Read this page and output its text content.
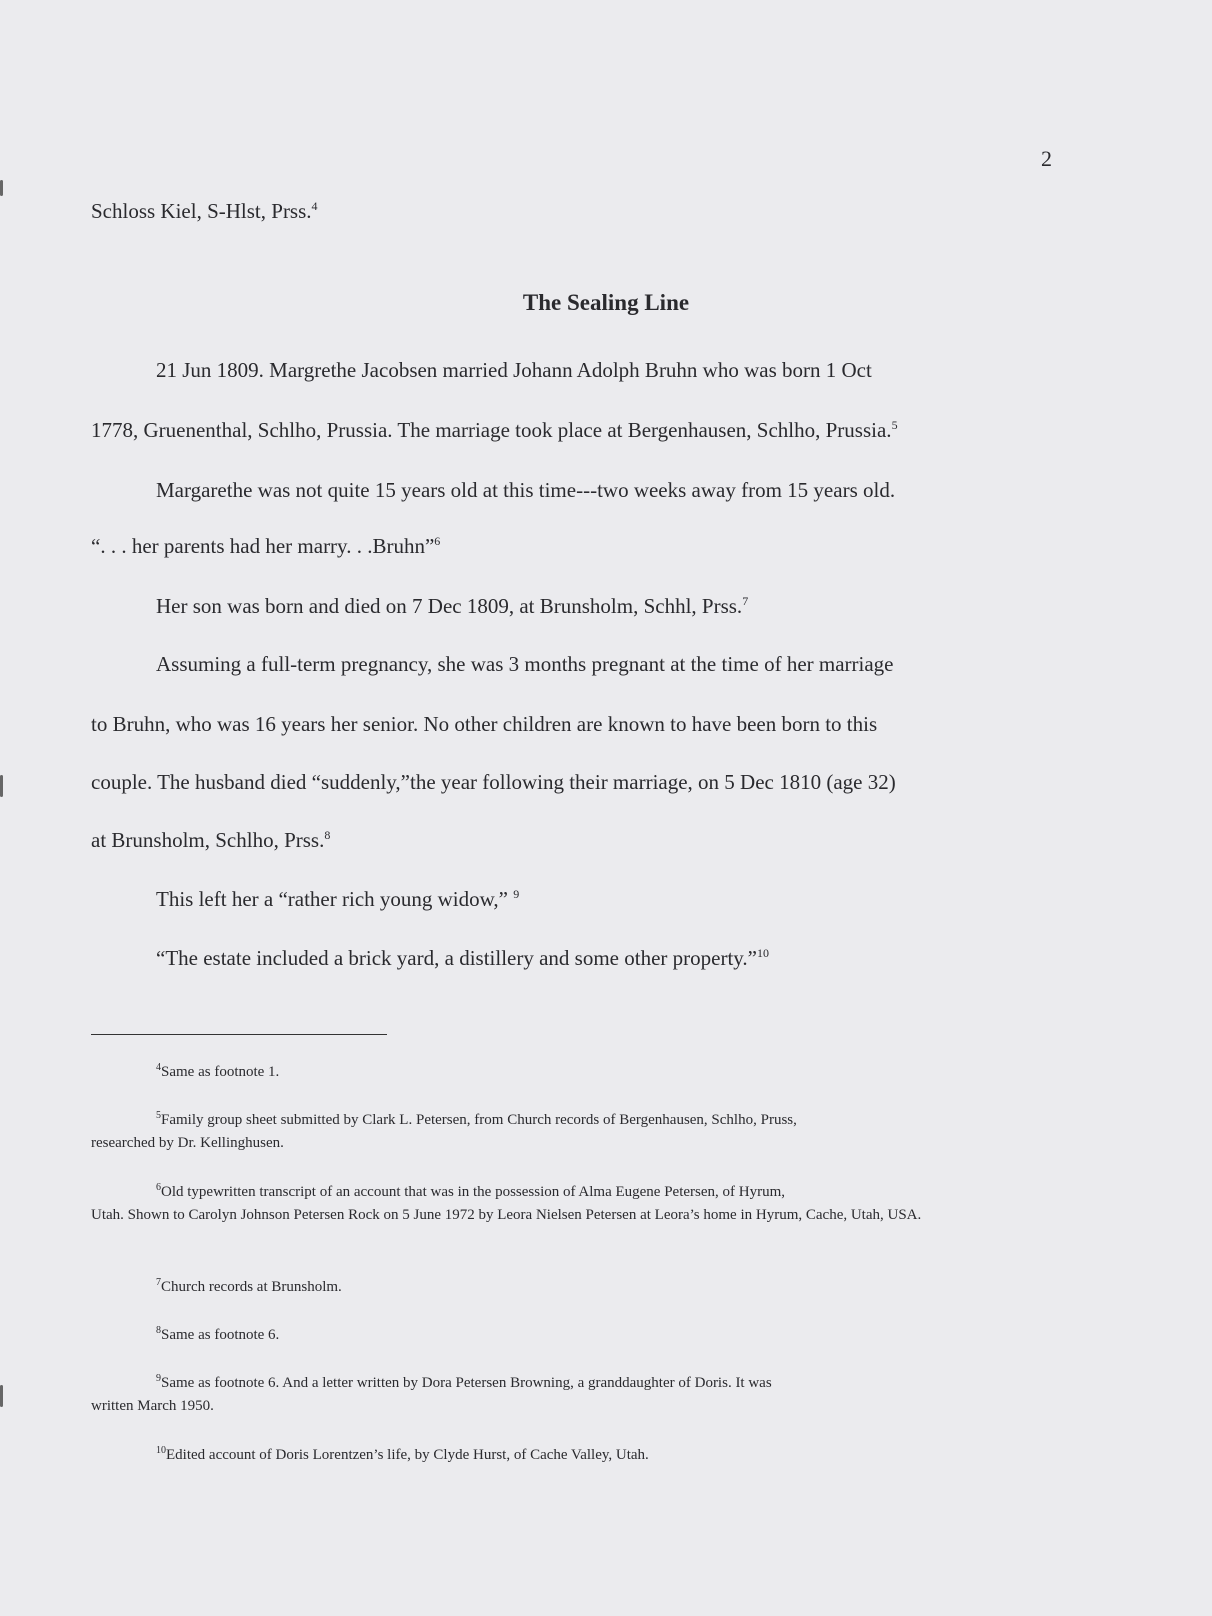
2
Schloss Kiel, S-Hlst, Prss.$^4$
The Sealing Line
21 Jun 1809. Margrethe Jacobsen married Johann Adolph Bruhn who was born 1 Oct
1778, Gruenenthal, Schlho, Prussia. The marriage took place at Bergenhausen, Schlho, Prussia.$^5$
Margarethe was not quite 15 years old at this time---two weeks away from 15 years old.
“. . . her parents had her marry. . .Bruhn”$^6$
Her son was born and died on 7 Dec 1809, at Brunsholm, Schhl, Prss.$^7$
Assuming a full-term pregnancy, she was 3 months pregnant at the time of her marriage
to Bruhn, who was 16 years her senior. No other children are known to have been born to this
couple. The husband died “suddenly,”the year following their marriage, on 5 Dec 1810 (age 32)
at Brunsholm, Schlho, Prss.$^8$
This left her a “rather rich young widow,” $^9$
“The estate included a brick yard, a distillery and some other property.”$^{10}$
$^4$Same as footnote 1.
$^5$Family group sheet submitted by Clark L. Petersen, from Church records of Bergenhausen, Schlho, Pruss,
researched by Dr. Kellinghusen.
$^6$Old typewritten transcript of an account that was in the possession of Alma Eugene Petersen, of Hyrum,
Utah. Shown to Carolyn Johnson Petersen Rock on 5 June 1972 by Leora Nielsen Petersen at Leora’s home in Hyrum, Cache, Utah, USA.
$^7$Church records at Brunsholm.
$^8$Same as footnote 6.
$^9$Same as footnote 6. And a letter written by Dora Petersen Browning, a granddaughter of Doris. It was
written March 1950.
$^{10}$Edited account of Doris Lorentzen’s life, by Clyde Hurst, of Cache Valley, Utah.
